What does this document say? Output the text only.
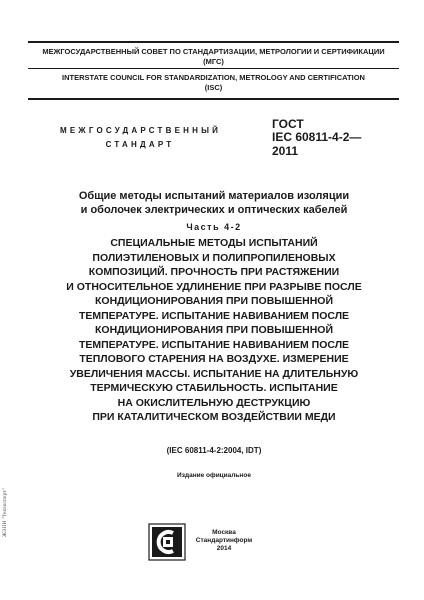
МЕЖГОСУДАРСТВЕННЫЙ СОВЕТ ПО СТАНДАРТИЗАЦИИ, МЕТРОЛОГИИ И СЕРТИФИКАЦИИ
(МГС)
INTERSTATE COUNCIL FOR STANDARDIZATION, METROLOGY AND CERTIFICATION
(ISC)
МЕЖГОСУДАРСТВЕННЫЙ
СТАНДАРТ
ГОСТ
IEC 60811-4-2—
2011
Общие методы испытаний материалов изоляции
и оболочек электрических и оптических кабелей
Часть 4-2
СПЕЦИАЛЬНЫЕ МЕТОДЫ ИСПЫТАНИЙ
ПОЛИЭТИЛЕНОВЫХ И ПОЛИПРОПИЛЕНОВЫХ
КОМПОЗИЦИЙ. ПРОЧНОСТЬ ПРИ РАСТЯЖЕНИИ
И ОТНОСИТЕЛЬНОЕ УДЛИНЕНИЕ ПРИ РАЗРЫВЕ ПОСЛЕ
КОНДИЦИОНИРОВАНИЯ ПРИ ПОВЫШЕННОЙ
ТЕМПЕРАТУРЕ. ИСПЫТАНИЕ НАВИВАНИЕМ ПОСЛЕ
КОНДИЦИОНИРОВАНИЯ ПРИ ПОВЫШЕННОЙ
ТЕМПЕРАТУРЕ. ИСПЫТАНИЕ НАВИВАНИЕМ ПОСЛЕ
ТЕПЛОВОГО СТАРЕНИЯ НА ВОЗДУХЕ. ИЗМЕРЕНИЕ
УВЕЛИЧЕНИЯ МАССЫ. ИСПЫТАНИЕ НА ДЛИТЕЛЬНУЮ
ТЕРМИЧЕСКУЮ СТАБИЛЬНОСТЬ. ИСПЫТАНИЕ
НА ОКИСЛИТЕЛЬНУЮ ДЕСТРУКЦИЮ
ПРИ КАТАЛИТИЧЕСКОМ ВОЗДЕЙСТВИИ МЕДИ
(IEC 60811-4-2:2004, IDT)
Издание официальное
Москва
Стандартинформ
2014
ЖЭПИ "Техэксперт"
